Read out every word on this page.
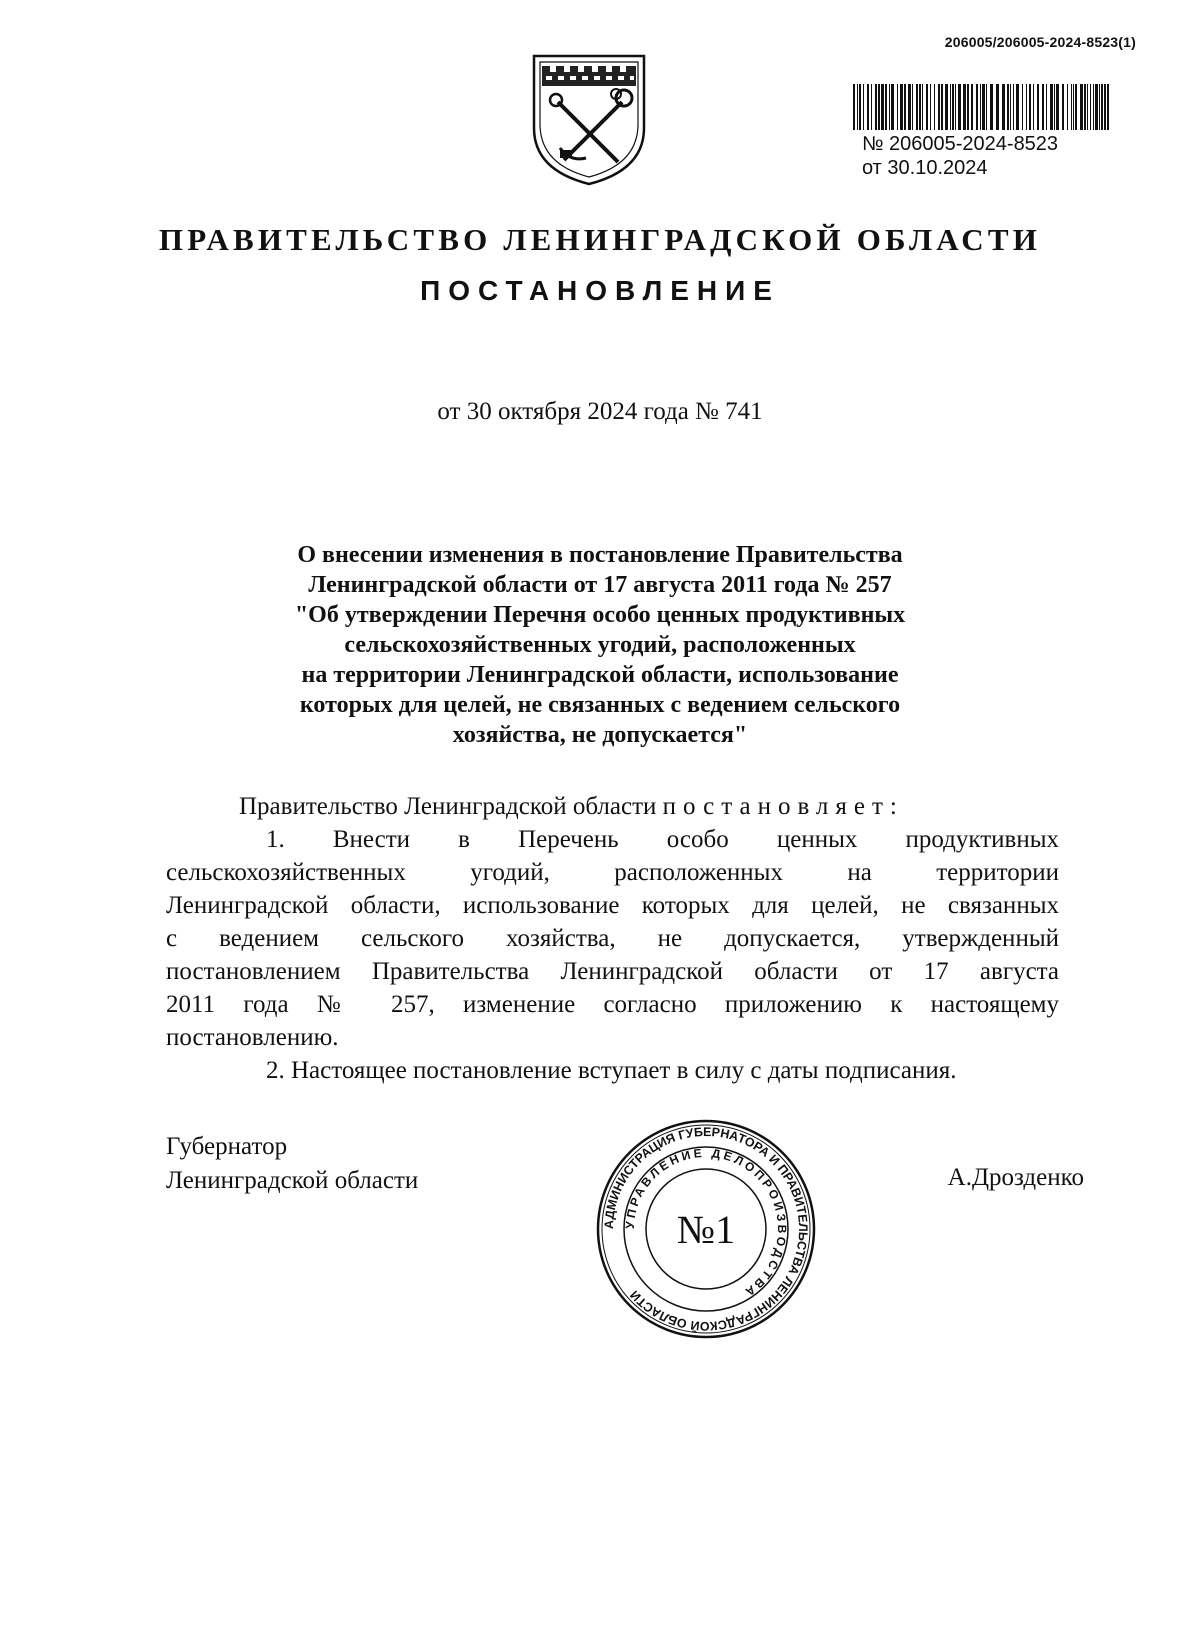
206005/206005-2024-8523(1)
№ 206005-2024-8523
от 30.10.2024
ПРАВИТЕЛЬСТВО ЛЕНИНГРАДСКОЙ ОБЛАСТИ
ПОСТАНОВЛЕНИЕ
от 30 октября 2024 года № 741
О внесении изменения в постановление Правительства
Ленинградской области от 17 августа 2011 года № 257
"Об утверждении Перечня особо ценных продуктивных
сельскохозяйственных угодий, расположенных
на территории Ленинградской области, использование
которых для целей, не связанных с ведением сельского
хозяйства, не допускается"
Правительство Ленинградской области постановляет:
1. Внести в Перечень особо ценных продуктивных
сельскохозяйственных угодий, расположенных на территории
Ленинградской области, использование которых для целей, не связанных
с ведением сельского хозяйства, не допускается, утвержденный
постановлением Правительства Ленинградской области от 17 августа
2011 года № 257, изменение согласно приложению к настоящему
постановлению.
2. Настоящее постановление вступает в силу с даты подписания.
Губернатор
Ленинградской области	А.Дрозденко
АДМИНИСТРАЦИЯ ГУБЕРНАТОРА И ПРАВИТЕЛЬСТВА ЛЕНИНГРАДСКОЙ ОБЛАСТИ
УПРАВЛЕНИЕ ДЕЛОПРОИЗВОДСТВА
№1
